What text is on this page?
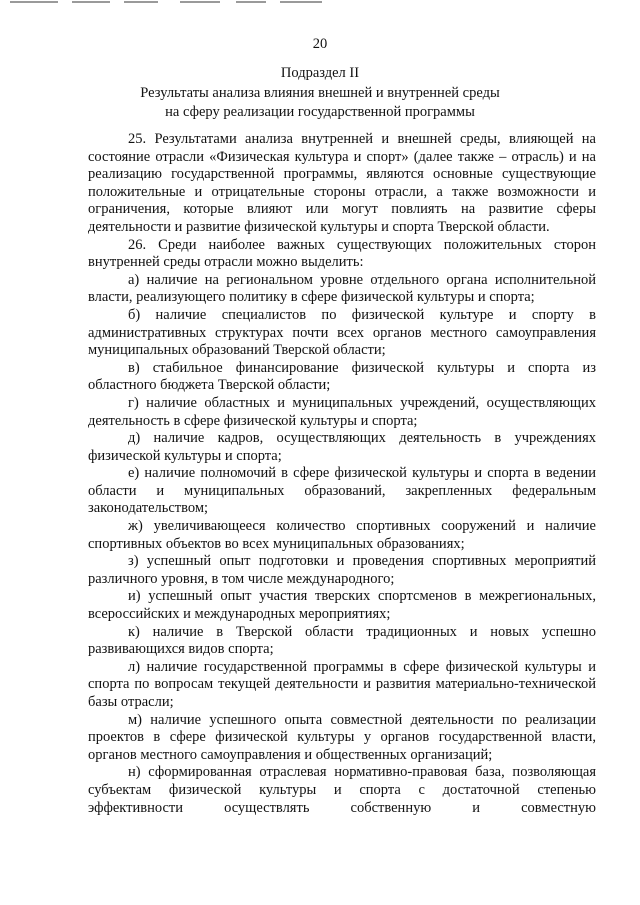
20
Подраздел II
Результаты анализа влияния внешней и внутренней среды
на сферу реализации государственной программы

25. Результатами анализа внутренней и внешней среды, влияющей на состояние отрасли «Физическая культура и спорт» (далее также – отрасль) и на реализацию государственной программы, являются основные существующие положительные и отрицательные стороны отрасли, а также возможности и ограничения, которые влияют или могут повлиять на развитие сферы деятельности и развитие физической культуры и спорта Тверской области.

26. Среди наиболее важных существующих положительных сторон внутренней среды отрасли можно выделить:

а) наличие на региональном уровне отдельного органа исполнительной власти, реализующего политику в сфере физической культуры и спорта;

б) наличие специалистов по физической культуре и спорту в административных структурах почти всех органов местного самоуправления муниципальных образований Тверской области;

в) стабильное финансирование физической культуры и спорта из областного бюджета Тверской области;

г) наличие областных и муниципальных учреждений, осуществляющих деятельность в сфере физической культуры и спорта;

д) наличие кадров, осуществляющих деятельность в учреждениях физической культуры и спорта;

е) наличие полномочий в сфере физической культуры и спорта в ведении области и муниципальных образований, закрепленных федеральным законодательством;

ж) увеличивающееся количество спортивных сооружений и наличие спортивных объектов во всех муниципальных образованиях;

з) успешный опыт подготовки и проведения спортивных мероприятий различного уровня, в том числе международного;

и) успешный опыт участия тверских спортсменов в межрегиональных, всероссийских и международных мероприятиях;

к) наличие в Тверской области традиционных и новых успешно развивающихся видов спорта;

л) наличие государственной программы в сфере физической культуры и спорта по вопросам текущей деятельности и развития материально-технической базы отрасли;

м) наличие успешного опыта совместной деятельности по реализации проектов в сфере физической культуры у органов государственной власти, органов местного самоуправления и общественных организаций;

н) сформированная отраслевая нормативно-правовая база, позволяющая субъектам физической культуры и спорта с достаточной степенью эффективности осуществлять собственную и совместную
